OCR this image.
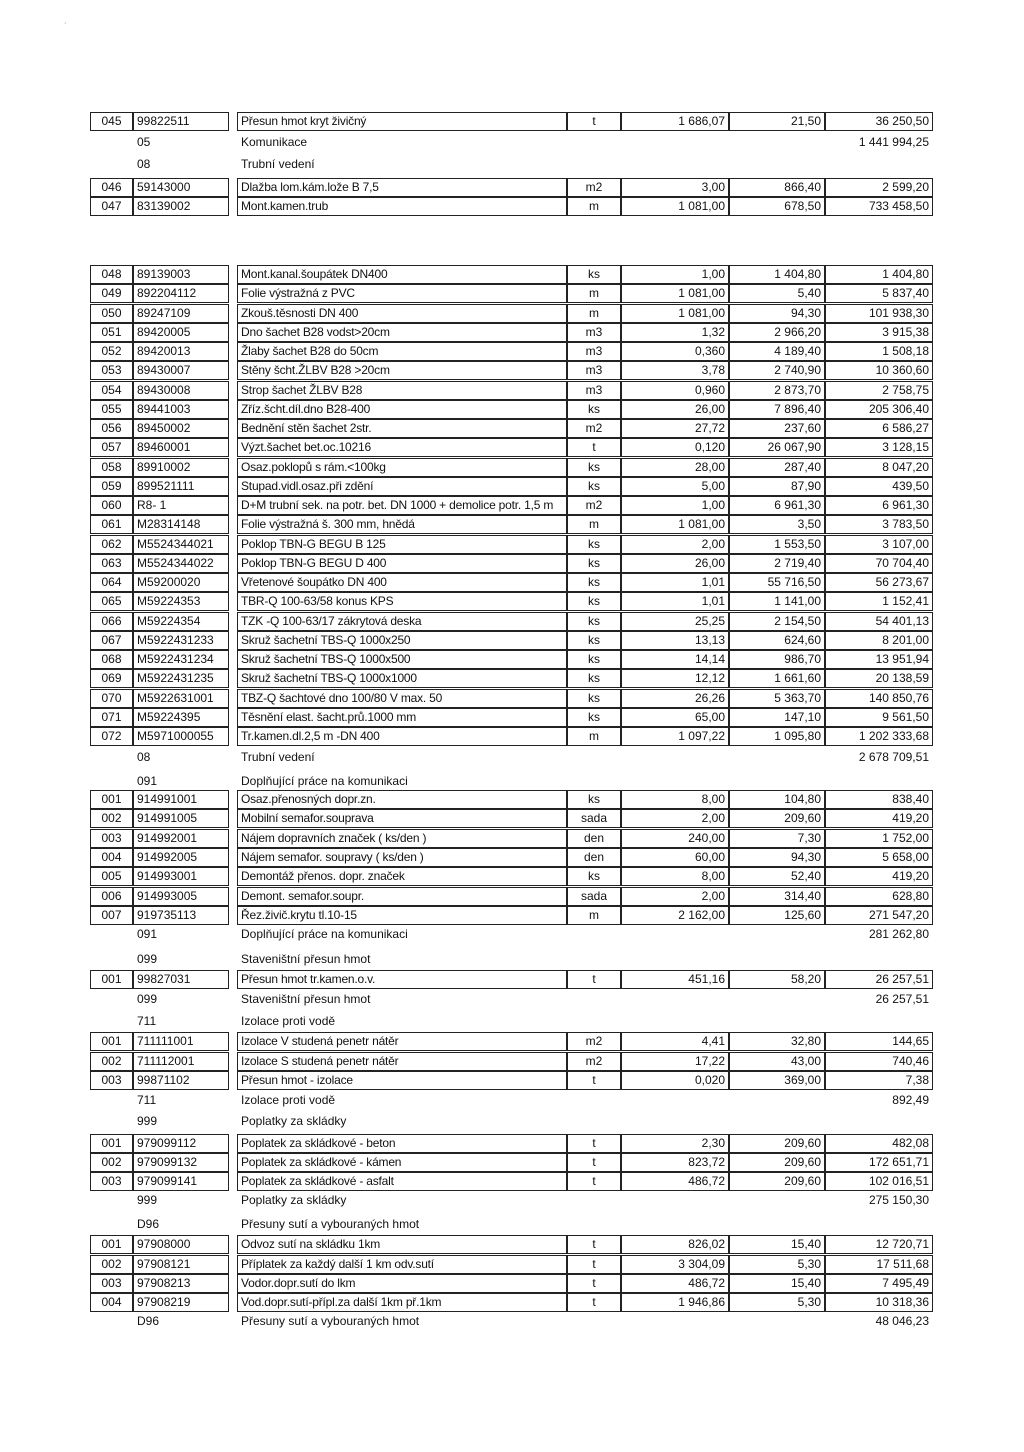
˙
045	99822511	Přesun hmot kryt živičný	t	1 686,07	21,50	36 250,50
05	Komunikace	1 441 994,25
08	Trubní vedení
046	59143000	Dlažba lom.kám.lože B 7,5	m2	3,00	866,40	2 599,20
047	83139002	Mont.kamen.trub	m	1 081,00	678,50	733 458,50
048	89139003	Mont.kanal.šoupátek DN400	ks	1,00	1 404,80	1 404,80
049	892204112	Folie výstražná z PVC	m	1 081,00	5,40	5 837,40
050	89247109	Zkouš.těsnosti DN 400	m	1 081,00	94,30	101 938,30
051	89420005	Dno šachet B28 vodst>20cm	m3	1,32	2 966,20	3 915,38
052	89420013	Žlaby šachet B28 do 50cm	m3	0,360	4 189,40	1 508,18
053	89430007	Stěny šcht.ŽLBV B28 >20cm	m3	3,78	2 740,90	10 360,60
054	89430008	Strop šachet ŽLBV B28	m3	0,960	2 873,70	2 758,75
055	89441003	Zříz.šcht.díl.dno B28-400	ks	26,00	7 896,40	205 306,40
056	89450002	Bednění stěn šachet 2str.	m2	27,72	237,60	6 586,27
057	89460001	Výzt.šachet bet.oc.10216	t	0,120	26 067,90	3 128,15
058	89910002	Osaz.poklopů s rám.<100kg	ks	28,00	287,40	8 047,20
059	899521111	Stupad.vidl.osaz.při zdění	ks	5,00	87,90	439,50
060	R8- 1	D+M trubní sek. na potr. bet. DN 1000 + demolice potr. 1,5 m	m2	1,00	6 961,30	6 961,30
061	M28314148	Folie výstražná š. 300 mm, hnědá	m	1 081,00	3,50	3 783,50
062	M5524344021	Poklop TBN-G BEGU B 125	ks	2,00	1 553,50	3 107,00
063	M5524344022	Poklop TBN-G BEGU D 400	ks	26,00	2 719,40	70 704,40
064	M59200020	Vřetenové šoupátko DN 400	ks	1,01	55 716,50	56 273,67
065	M59224353	TBR-Q 100-63/58 konus KPS	ks	1,01	1 141,00	1 152,41
066	M59224354	TZK -Q 100-63/17 zákrytová deska	ks	25,25	2 154,50	54 401,13
067	M5922431233	Skruž šachetní TBS-Q 1000x250	ks	13,13	624,60	8 201,00
068	M5922431234	Skruž šachetní TBS-Q 1000x500	ks	14,14	986,70	13 951,94
069	M5922431235	Skruž šachetní TBS-Q 1000x1000	ks	12,12	1 661,60	20 138,59
070	M5922631001	TBZ-Q šachtové dno 100/80 V max. 50	ks	26,26	5 363,70	140 850,76
071	M59224395	Těsnění elast. šacht.prů.1000 mm	ks	65,00	147,10	9 561,50
072	M5971000055	Tr.kamen.dl.2,5 m -DN 400	m	1 097,22	1 095,80	1 202 333,68
08	Trubní vedení	2 678 709,51
091	Doplňující práce na komunikaci
001	914991001	Osaz.přenosných dopr.zn.	ks	8,00	104,80	838,40
002	914991005	Mobilní semafor.souprava	sada	2,00	209,60	419,20
003	914992001	Nájem dopravních značek ( ks/den )	den	240,00	7,30	1 752,00
004	914992005	Nájem semafor. soupravy ( ks/den )	den	60,00	94,30	5 658,00
005	914993001	Demontáž přenos. dopr. značek	ks	8,00	52,40	419,20
006	914993005	Demont. semafor.soupr.	sada	2,00	314,40	628,80
007	919735113	Řez.živič.krytu tl.10-15	m	2 162,00	125,60	271 547,20
091	Doplňující práce na komunikaci	281 262,80
099	Staveništní přesun hmot
001	99827031	Přesun hmot tr.kamen.o.v.	t	451,16	58,20	26 257,51
099	Staveništní přesun hmot	26 257,51
711	Izolace proti vodě
001	711111001	Izolace V studená penetr nátěr	m2	4,41	32,80	144,65
002	711112001	Izolace S studená penetr nátěr	m2	17,22	43,00	740,46
003	99871102	Přesun hmot - izolace	t	0,020	369,00	7,38
711	Izolace proti vodě	892,49
999	Poplatky za skládky
001	979099112	Poplatek za skládkové - beton	t	2,30	209,60	482,08
002	979099132	Poplatek za skládkové - kámen	t	823,72	209,60	172 651,71
003	979099141	Poplatek za skládkové - asfalt	t	486,72	209,60	102 016,51
999	Poplatky za skládky	275 150,30
D96	Přesuny sutí a vybouraných hmot
001	97908000	Odvoz sutí na skládku 1km	t	826,02	15,40	12 720,71
002	97908121	Příplatek za každý další 1 km odv.sutí	t	3 304,09	5,30	17 511,68
003	97908213	Vodor.dopr.sutí do lkm	t	486,72	15,40	7 495,49
004	97908219	Vod.dopr.sutí-přípl.za další 1km př.1km	t	1 946,86	5,30	10 318,36
D96	Přesuny sutí a vybouraných hmot	48 046,23
